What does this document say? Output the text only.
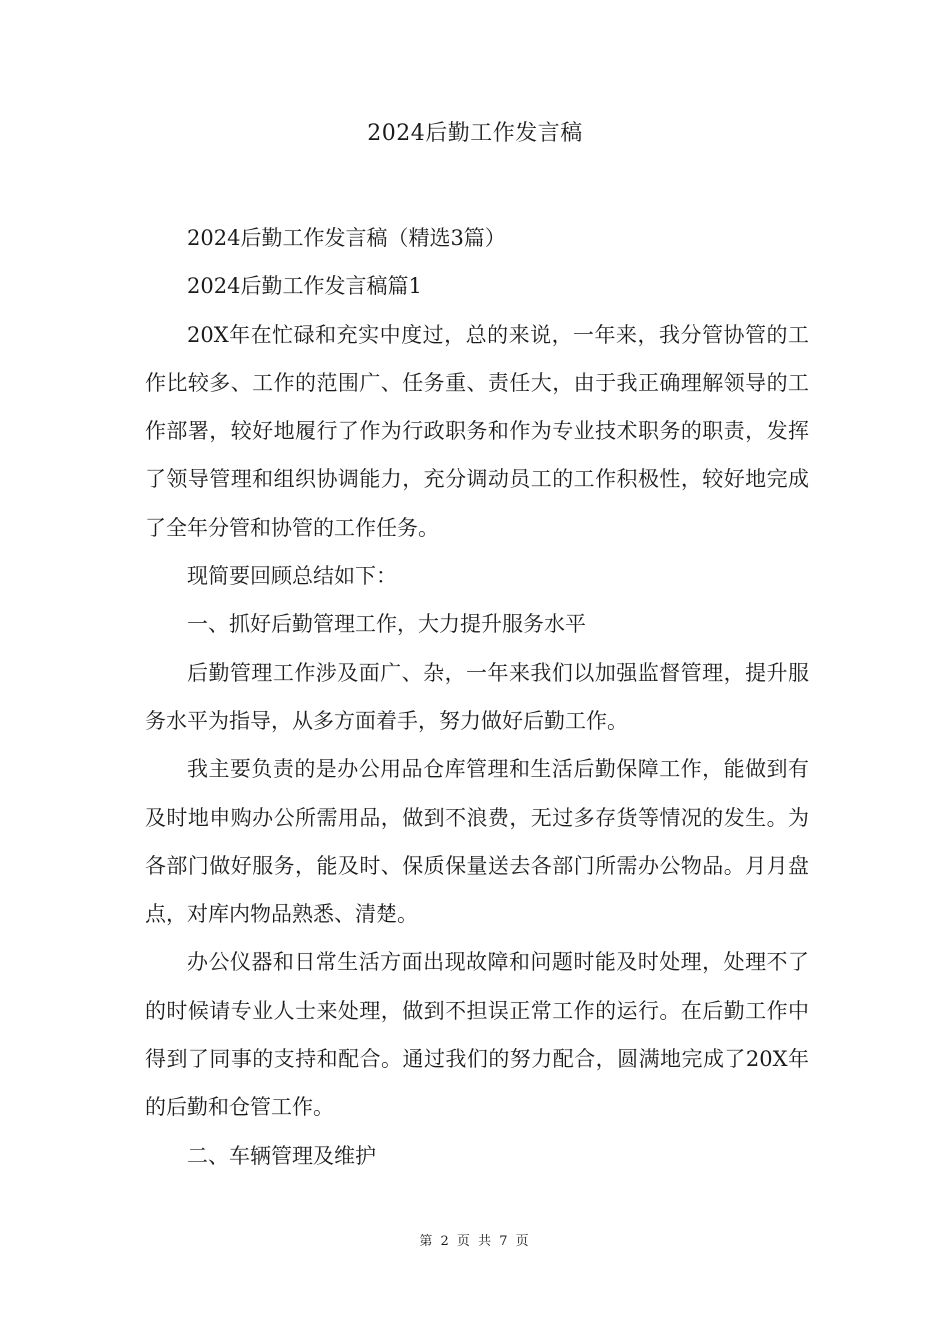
2024后勤工作发言稿

2024后勤工作发言稿（精选3篇）

2024后勤工作发言稿篇1

20X年在忙碌和充实中度过，总的来说，一年来，我分管协管的工作比较多、工作的范围广、任务重、责任大，由于我正确理解领导的工作部署，较好地履行了作为行政职务和作为专业技术职务的职责，发挥了领导管理和组织协调能力，充分调动员工的工作积极性，较好地完成了全年分管和协管的工作任务。

现简要回顾总结如下：

一、抓好后勤管理工作，大力提升服务水平

后勤管理工作涉及面广、杂，一年来我们以加强监督管理，提升服务水平为指导，从多方面着手，努力做好后勤工作。

我主要负责的是办公用品仓库管理和生活后勤保障工作，能做到有及时地申购办公所需用品，做到不浪费，无过多存货等情况的发生。为各部门做好服务，能及时、保质保量送去各部门所需办公物品。月月盘点，对库内物品熟悉、清楚。

办公仪器和日常生活方面出现故障和问题时能及时处理，处理不了的时候请专业人士来处理，做到不担误正常工作的运行。在后勤工作中得到了同事的支持和配合。通过我们的努力配合，圆满地完成了20X年的后勤和仓管工作。

二、车辆管理及维护

第 2 页 共 7 页
